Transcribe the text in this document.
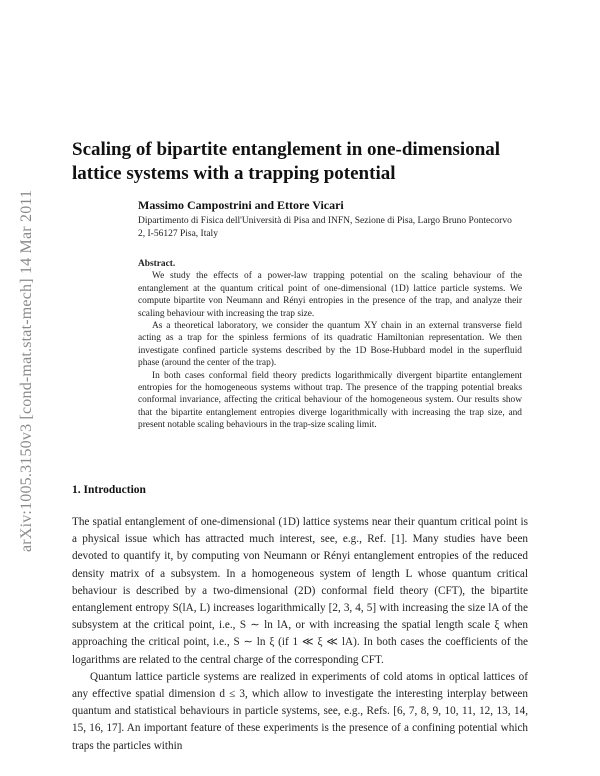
arXiv:1005.3150v3 [cond-mat.stat-mech] 14 Mar 2011
Scaling of bipartite entanglement in one-dimensional lattice systems with a trapping potential
Massimo Campostrini and Ettore Vicari
Dipartimento di Fisica dell'Università di Pisa and INFN, Sezione di Pisa, Largo Bruno Pontecorvo 2, I-56127 Pisa, Italy
Abstract.

We study the effects of a power-law trapping potential on the scaling behaviour of the entanglement at the quantum critical point of one-dimensional (1D) lattice particle systems. We compute bipartite von Neumann and Rényi entropies in the presence of the trap, and analyze their scaling behaviour with increasing the trap size.

As a theoretical laboratory, we consider the quantum XY chain in an external transverse field acting as a trap for the spinless fermions of its quadratic Hamiltonian representation. We then investigate confined particle systems described by the 1D Bose-Hubbard model in the superfluid phase (around the center of the trap).

In both cases conformal field theory predicts logarithmically divergent bipartite entanglement entropies for the homogeneous systems without trap. The presence of the trapping potential breaks conformal invariance, affecting the critical behaviour of the homogeneous system. Our results show that the bipartite entanglement entropies diverge logarithmically with increasing the trap size, and present notable scaling behaviours in the trap-size scaling limit.

1. Introduction

The spatial entanglement of one-dimensional (1D) lattice systems near their quantum critical point is a physical issue which has attracted much interest, see, e.g., Ref. [1]. Many studies have been devoted to quantify it, by computing von Neumann or Rényi entanglement entropies of the reduced density matrix of a subsystem. In a homogeneous system of length L whose quantum critical behaviour is described by a two-dimensional (2D) conformal field theory (CFT), the bipartite entanglement entropy S(lA, L) increases logarithmically [2, 3, 4, 5] with increasing the size lA of the subsystem at the critical point, i.e., S ∼ ln lA, or with increasing the spatial length scale ξ when approaching the critical point, i.e., S ∼ ln ξ (if 1 ≪ ξ ≪ lA). In both cases the coefficients of the logarithms are related to the central charge of the corresponding CFT.

Quantum lattice particle systems are realized in experiments of cold atoms in optical lattices of any effective spatial dimension d ≤ 3, which allow to investigate the interesting interplay between quantum and statistical behaviours in particle systems, see, e.g., Refs. [6, 7, 8, 9, 10, 11, 12, 13, 14, 15, 16, 17]. An important feature of these experiments is the presence of a confining potential which traps the particles within
